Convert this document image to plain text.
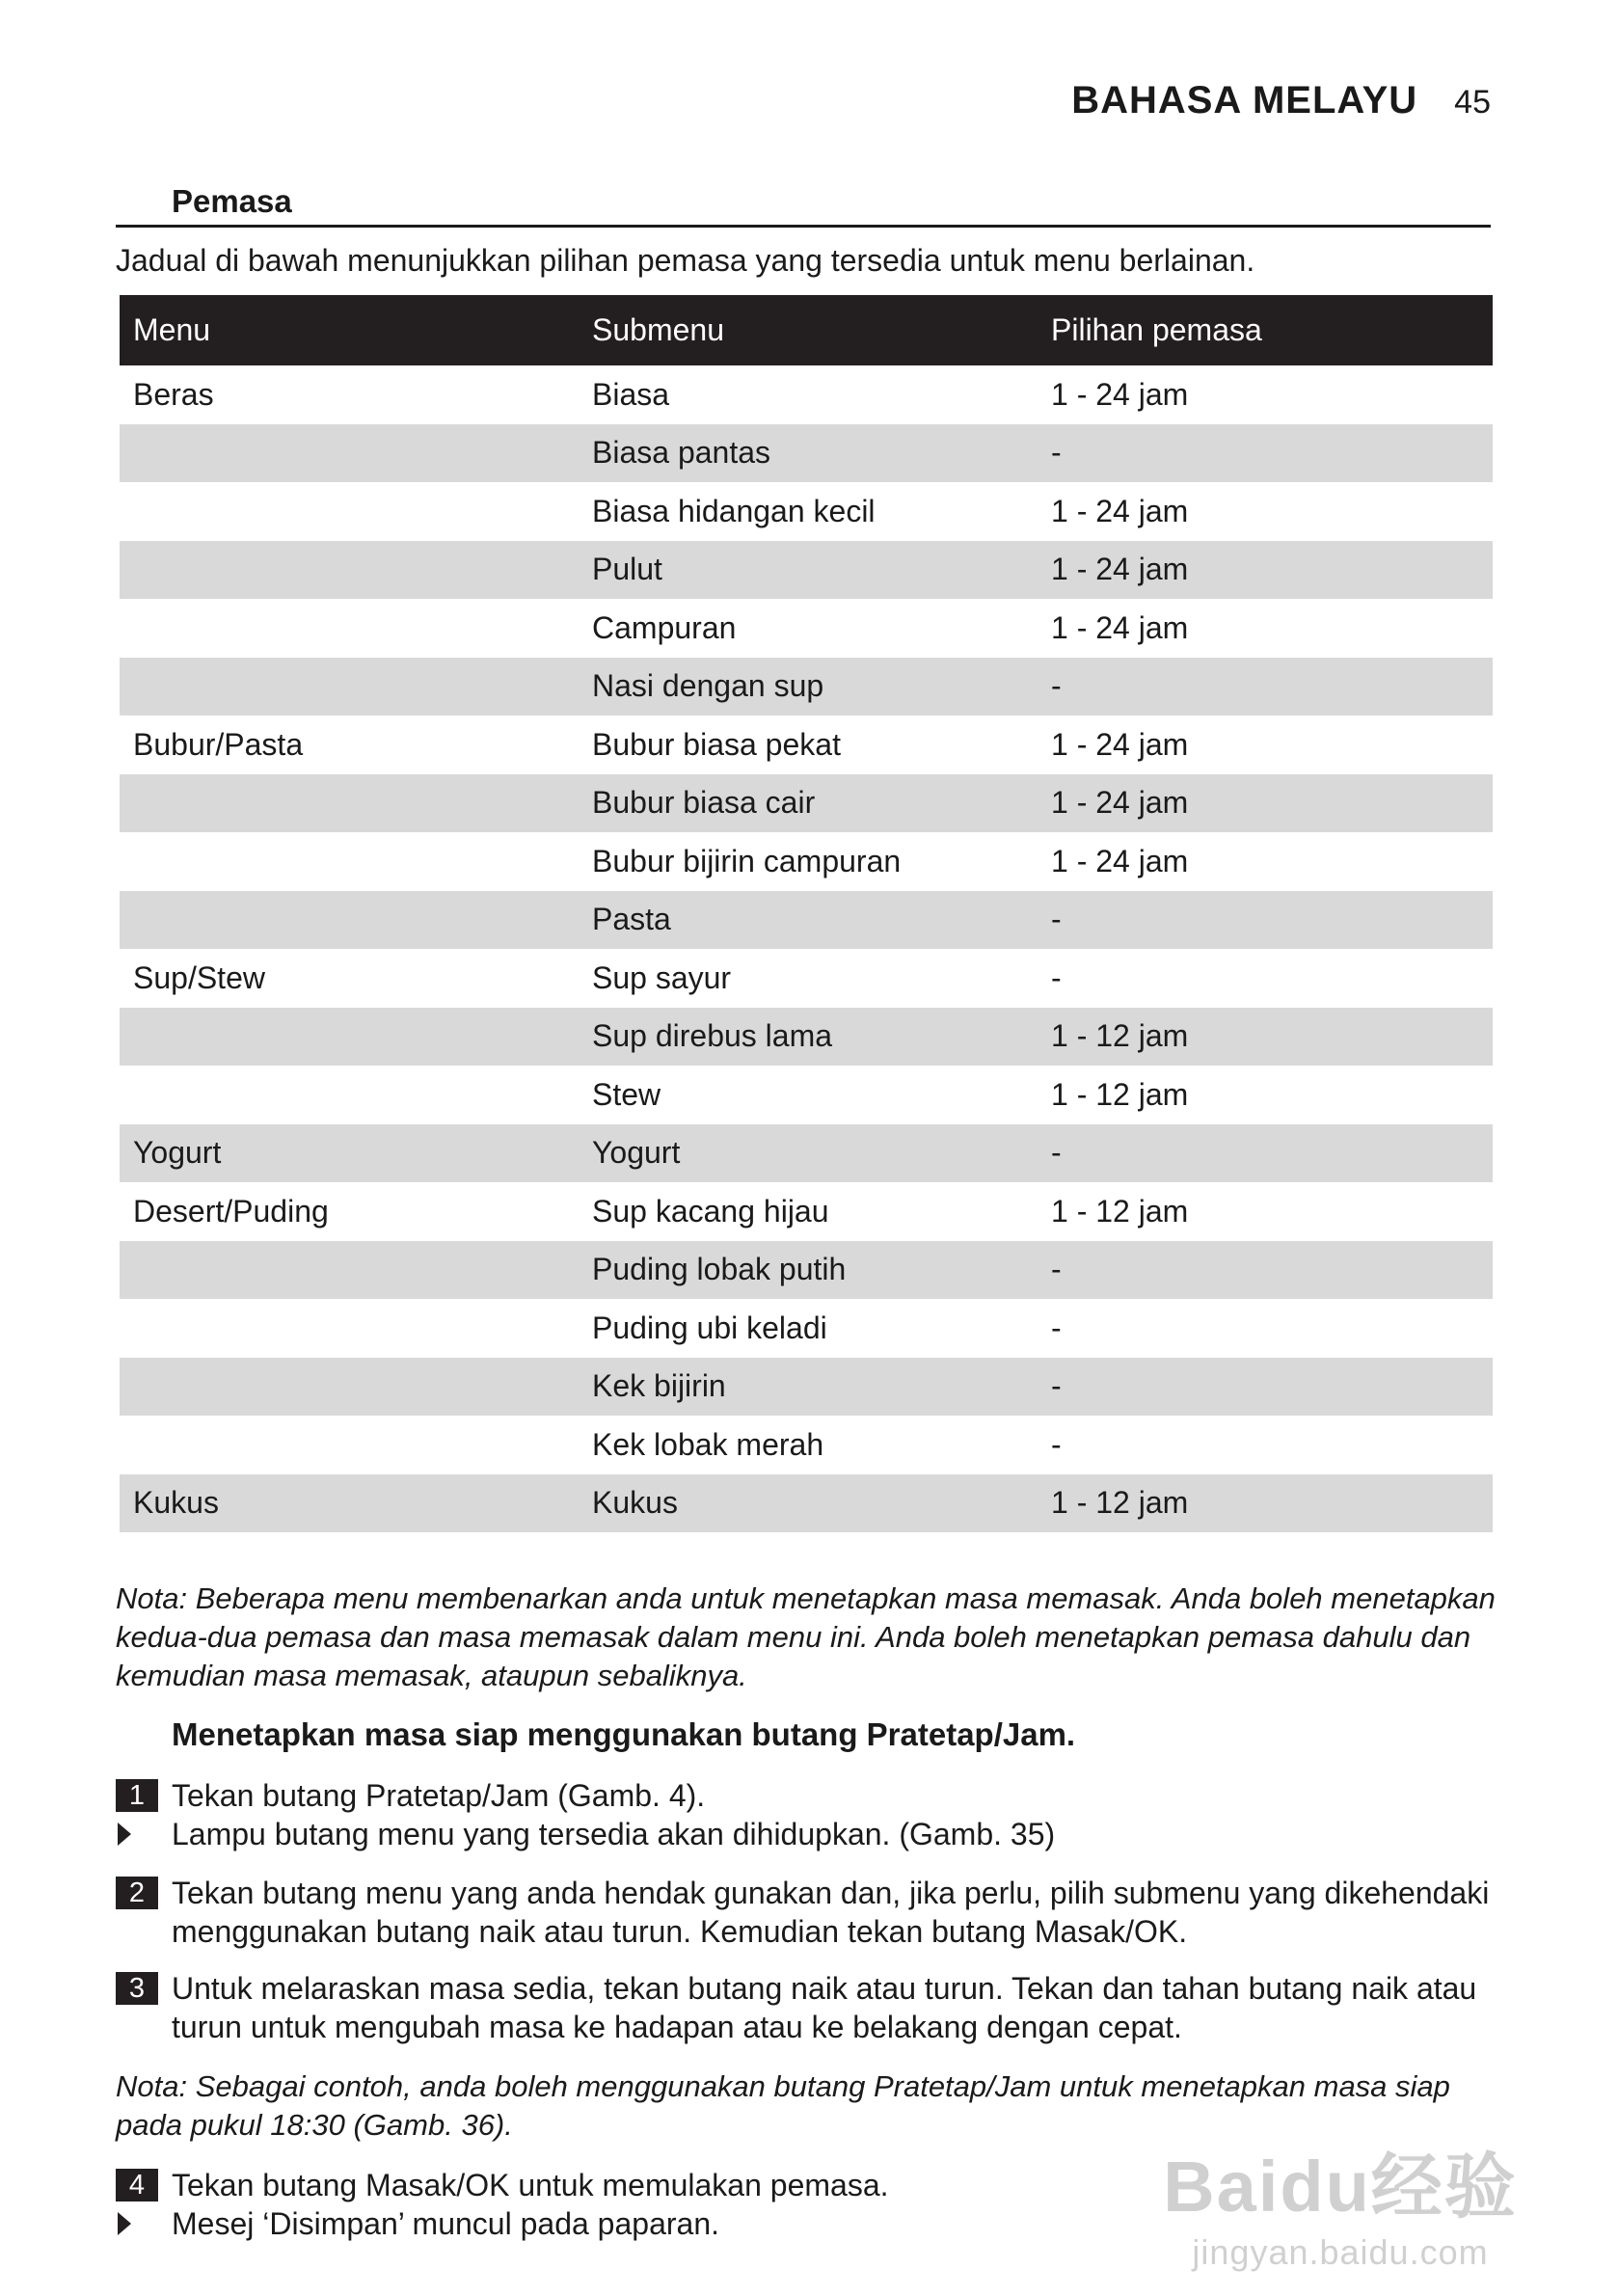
BAHASA MELAYU 45
Pemasa
Jadual di bawah menunjukkan pilihan pemasa yang tersedia untuk menu berlainan.
Menu	Submenu	Pilihan pemasa
Beras	Biasa	1 - 24 jam
	Biasa pantas	-
	Biasa hidangan kecil	1 - 24 jam
	Pulut	1 - 24 jam
	Campuran	1 - 24 jam
	Nasi dengan sup	-
Bubur/Pasta	Bubur biasa pekat	1 - 24 jam
	Bubur biasa cair	1 - 24 jam
	Bubur bijirin campuran	1 - 24 jam
	Pasta	-
Sup/Stew	Sup sayur	-
	Sup direbus lama	1 - 12 jam
	Stew	1 - 12 jam
Yogurt	Yogurt	-
Desert/Puding	Sup kacang hijau	1 - 12 jam
	Puding lobak putih	-
	Puding ubi keladi	-
	Kek bijirin	-
	Kek lobak merah	-
Kukus	Kukus	1 - 12 jam
Nota: Beberapa menu membenarkan anda untuk menetapkan masa memasak. Anda boleh menetapkan kedua-dua pemasa dan masa memasak dalam menu ini. Anda boleh menetapkan pemasa dahulu dan kemudian masa memasak, ataupun sebaliknya.
Menetapkan masa siap menggunakan butang Pratetap/Jam.
1 Tekan butang Pratetap/Jam (Gamb. 4).
Lampu butang menu yang tersedia akan dihidupkan. (Gamb. 35)
2 Tekan butang menu yang anda hendak gunakan dan, jika perlu, pilih submenu yang dikehendaki menggunakan butang naik atau turun. Kemudian tekan butang Masak/OK.
3 Untuk melaraskan masa sedia, tekan butang naik atau turun. Tekan dan tahan butang naik atau turun untuk mengubah masa ke hadapan atau ke belakang dengan cepat.
Nota: Sebagai contoh, anda boleh menggunakan butang Pratetap/Jam untuk menetapkan masa siap pada pukul 18:30 (Gamb. 36).
4 Tekan butang Masak/OK untuk memulakan pemasa.
Mesej ‘Disimpan’ muncul pada paparan.	Baidu经验
jingyan.baidu.com
